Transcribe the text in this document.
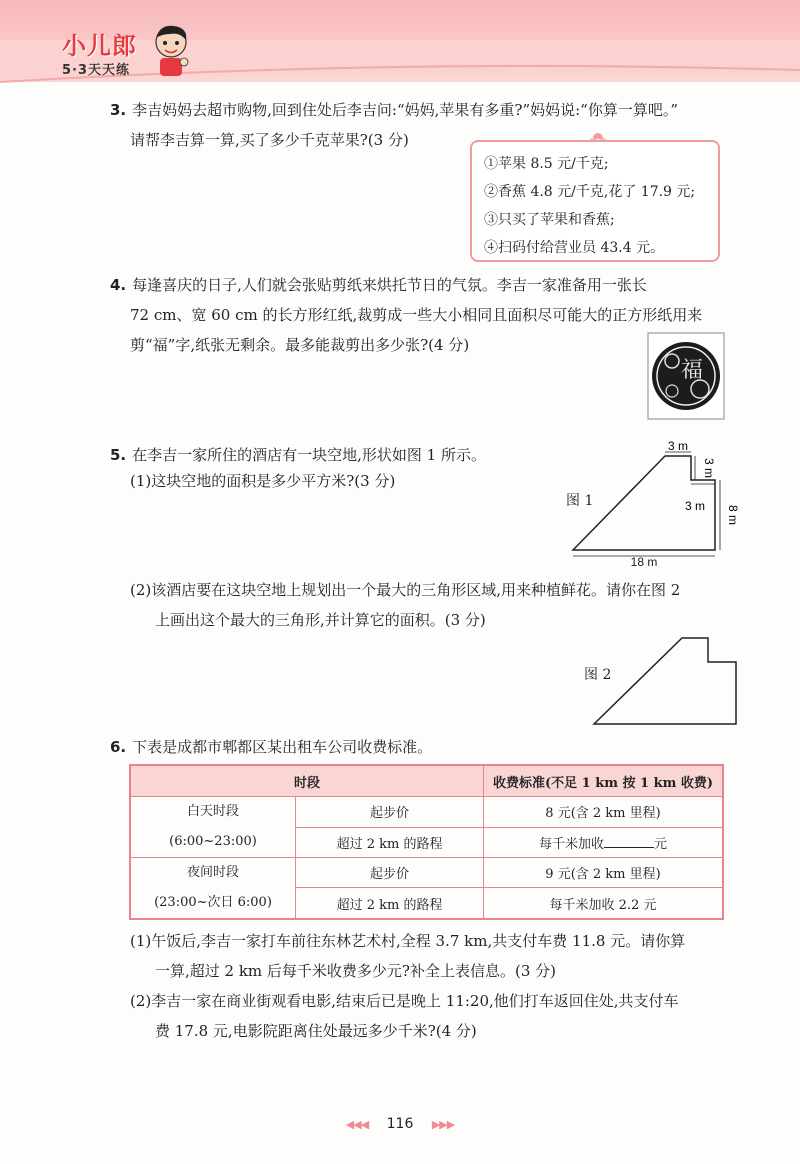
小儿郎
5·3天天练
3. 李吉妈妈去超市购物,回到住处后李吉问:“妈妈,苹果有多重?”妈妈说:“你算一算吧。”
请帮李吉算一算,买了多少千克苹果?(3 分)
①苹果 8.5 元/千克;
②香蕉 4.8 元/千克,花了 17.9 元;
③只买了苹果和香蕉;
④扫码付给营业员 43.4 元。
4. 每逢喜庆的日子,人们就会张贴剪纸来烘托节日的气氛。李吉一家准备用一张长
72 cm、宽 60 cm 的长方形红纸,裁剪成一些大小相同且面积尽可能大的正方形纸用来
剪“福”字,纸张无剩余。最多能裁剪出多少张?(4 分)
福
5. 在李吉一家所住的酒店有一块空地,形状如图 1 所示。
(1)这块空地的面积是多少平方米?(3 分)
3 m
3 m
3 m 8 m
18 m
图 1
(2)该酒店要在这块空地上规划出一个最大的三角形区域,用来种植鲜花。请你在图 2
上画出这个最大的三角形,并计算它的面积。(3 分)
图 2
6. 下表是成都市郫都区某出租车公司收费标准。
时段		收费标准(不足 1 km 按 1 km 收费)

白天时段
(6:00~23:00)	起步价	8 元(含 2 km 里程)
	超过 2 km 的路程	每千米加收 元

夜间时段
(23:00~次日 6:00)	起步价	9 元(含 2 km 里程)
	超过 2 km 的路程	每千米加收 2.2 元
(1)午饭后,李吉一家打车前往东林艺术村,全程 3.7 km,共支付车费 11.8 元。请你算
一算,超过 2 km 后每千米收费多少元?补全上表信息。(3 分)
(2)李吉一家在商业街观看电影,结束后已是晚上 11:20,他们打车返回住处,共支付车
费 17.8 元,电影院距离住处最远多少千米?(4 分)
◀◀◀ 116 ▶▶▶
